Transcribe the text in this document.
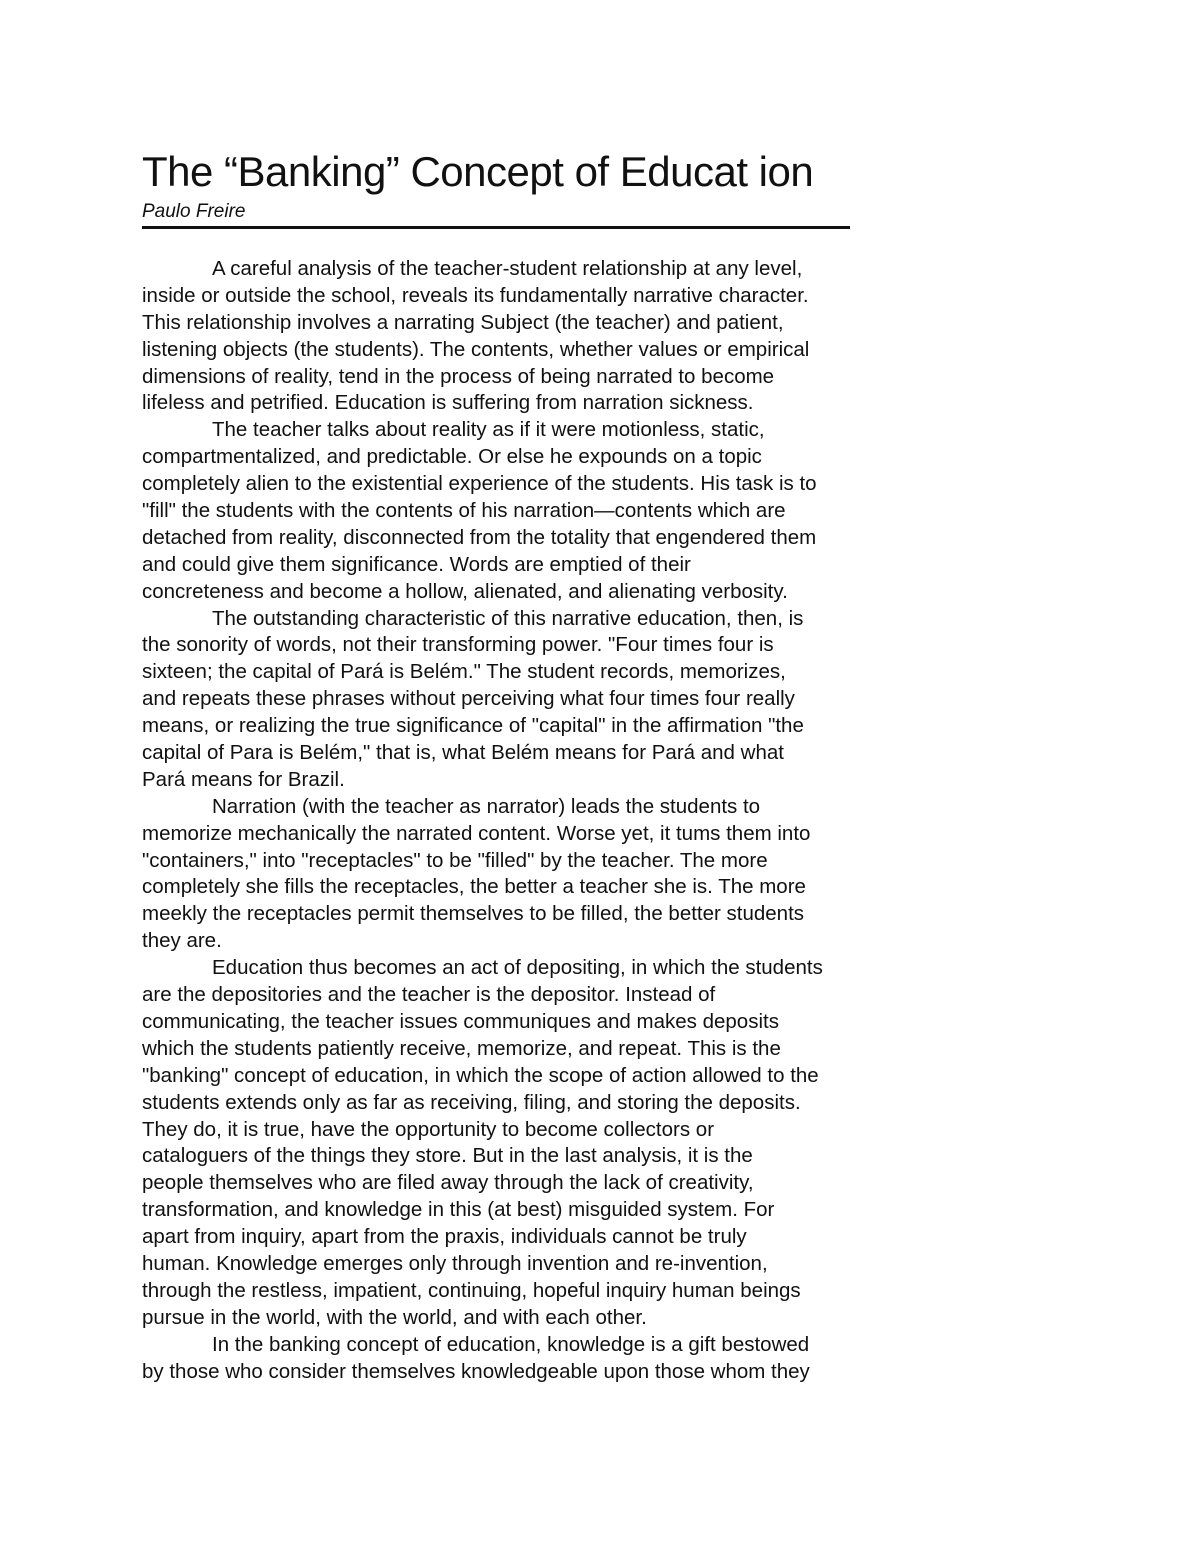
The “Banking” Concept of Educat ion
Paulo Freire
A careful analysis of the teacher-student relationship at any level,
inside or outside the school, reveals its fundamentally narrative character.
This relationship involves a narrating Subject (the teacher) and patient,
listening objects (the students). The contents, whether values or empirical
dimensions of reality, tend in the process of being narrated to become
lifeless and petrified. Education is suffering from narration sickness.
The teacher talks about reality as if it were motionless, static,
compartmentalized, and predictable. Or else he expounds on a topic
completely alien to the existential experience of the students. His task is to
"fill" the students with the contents of his narration—contents which are
detached from reality, disconnected from the totality that engendered them
and could give them significance. Words are emptied of their
concreteness and become a hollow, alienated, and alienating verbosity.
The outstanding characteristic of this narrative education, then, is
the sonority of words, not their transforming power. "Four times four is
sixteen; the capital of Pará is Belém." The student records, memorizes,
and repeats these phrases without perceiving what four times four really
means, or realizing the true significance of "capital" in the affirmation "the
capital of Para is Belém," that is, what Belém means for Pará and what
Pará means for Brazil.
Narration (with the teacher as narrator) leads the students to
memorize mechanically the narrated content. Worse yet, it tums them into
"containers," into "receptacles" to be "filled" by the teacher. The more
completely she fills the receptacles, the better a teacher she is. The more
meekly the receptacles permit themselves to be filled, the better students
they are.
Education thus becomes an act of depositing, in which the students
are the depositories and the teacher is the depositor. Instead of
communicating, the teacher issues communiques and makes deposits
which the students patiently receive, memorize, and repeat. This is the
"banking" concept of education, in which the scope of action allowed to the
students extends only as far as receiving, filing, and storing the deposits.
They do, it is true, have the opportunity to become collectors or
cataloguers of the things they store. But in the last analysis, it is the
people themselves who are filed away through the lack of creativity,
transformation, and knowledge in this (at best) misguided system. For
apart from inquiry, apart from the praxis, individuals cannot be truly
human. Knowledge emerges only through invention and re-invention,
through the restless, impatient, continuing, hopeful inquiry human beings
pursue in the world, with the world, and with each other.
In the banking concept of education, knowledge is a gift bestowed
by those who consider themselves knowledgeable upon those whom they
